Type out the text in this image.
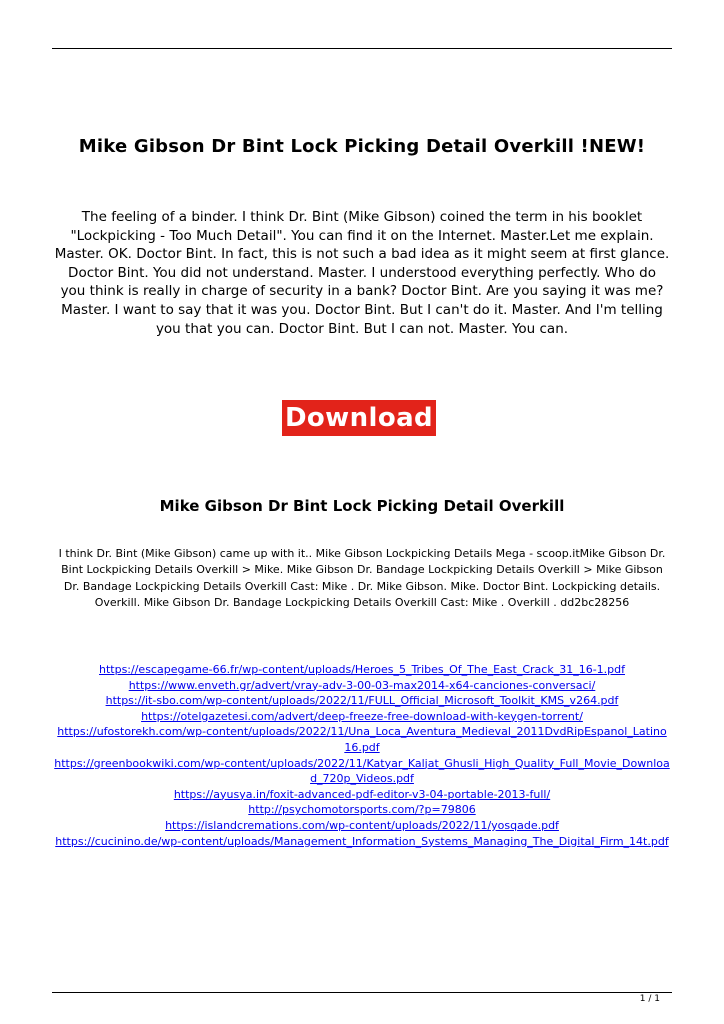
Mike Gibson Dr Bint Lock Picking Detail Overkill !NEW!
The feeling of a binder. I think Dr. Bint (Mike Gibson) coined the term in his booklet "Lockpicking - Too Much Detail". You can find it on the Internet. Master.Let me explain. Master. OK. Doctor Bint. In fact, this is not such a bad idea as it might seem at first glance. Doctor Bint. You did not understand. Master. I understood everything perfectly. Who do you think is really in charge of security in a bank? Doctor Bint. Are you saying it was me? Master. I want to say that it was you. Doctor Bint. But I can't do it. Master. And I'm telling you that you can. Doctor Bint. But I can not. Master. You can.
Download
Mike Gibson Dr Bint Lock Picking Detail Overkill
I think Dr. Bint (Mike Gibson) came up with it.. Mike Gibson Lockpicking Details Mega - scoop.itMike Gibson Dr. Bint Lockpicking Details Overkill > Mike. Mike Gibson Dr. Bandage Lockpicking Details Overkill > Mike Gibson Dr. Bandage Lockpicking Details Overkill Cast: Mike . Dr. Mike Gibson. Mike. Doctor Bint. Lockpicking details. Overkill. Mike Gibson Dr. Bandage Lockpicking Details Overkill Cast: Mike . Overkill . dd2bc28256
https://escapegame-66.fr/wp-content/uploads/Heroes_5_Tribes_Of_The_East_Crack_31_16-1.pdf
https://www.enveth.gr/advert/vray-adv-3-00-03-max2014-x64-canciones-conversaci/
https://it-sbo.com/wp-content/uploads/2022/11/FULL_Official_Microsoft_Toolkit_KMS_v264.pdf
https://otelgazetesi.com/advert/deep-freeze-free-download-with-keygen-torrent/
https://ufostorekh.com/wp-content/uploads/2022/11/Una_Loca_Aventura_Medieval_2011DvdRipEspanol_Latino16.pdf
https://greenbookwiki.com/wp-content/uploads/2022/11/Katyar_Kaljat_Ghusli_High_Quality_Full_Movie_Download_720p_Videos.pdf
https://ayusya.in/foxit-advanced-pdf-editor-v3-04-portable-2013-full/
http://psychomotorsports.com/?p=79806
https://islandcremations.com/wp-content/uploads/2022/11/yosqade.pdf
https://cucinino.de/wp-content/uploads/Management_Information_Systems_Managing_The_Digital_Firm_14t.pdf
1 / 1
